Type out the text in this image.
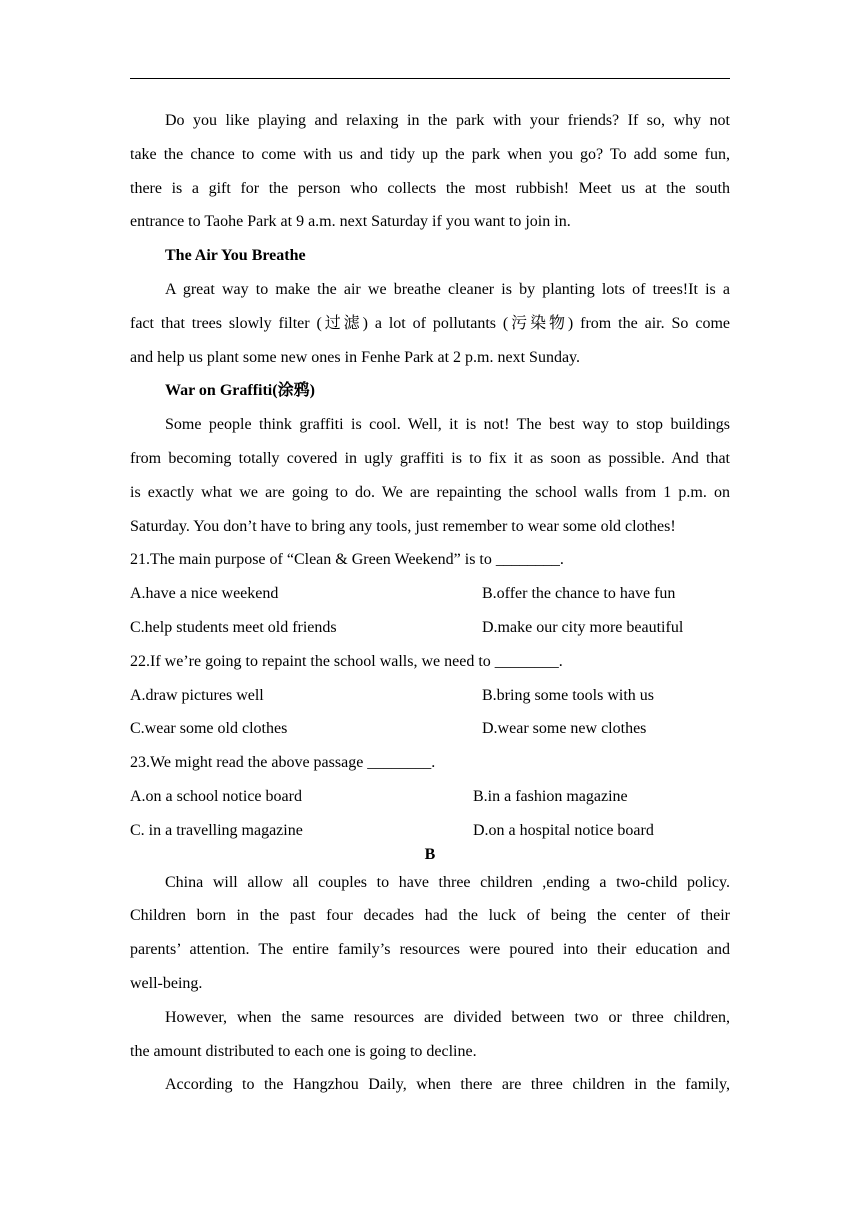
Do you like playing and relaxing in the park with your friends? If so, why not
take the chance to come with us and tidy up the park when you go? To add some fun,
there is a gift for the person who collects the most rubbish! Meet us at the south
entrance to Taohe Park at 9 a.m. next Saturday if you want to join in.
The Air You Breathe
A great way to make the air we breathe cleaner is by planting lots of trees!It is a
fact that trees slowly filter (过滤) a lot of pollutants (污染物) from the air. So come
and help us plant some new ones in Fenhe Park at 2 p.m. next Sunday.
War on Graffiti(涂鸦)
Some people think graffiti is cool. Well, it is not! The best way to stop buildings
from becoming totally covered in ugly graffiti is to fix it as soon as possible. And that
is exactly what we are going to do. We are repainting the school walls from 1 p.m. on
Saturday. You don’t have to bring any tools, just remember to wear some old clothes!
21.The main purpose of “Clean & Green Weekend” is to ________.
A.have a nice weekend	B.offer the chance to have fun
C.help students meet old friends	D.make our city more beautiful
22.If we’re going to repaint the school walls, we need to ________.
A.draw pictures well	B.bring some tools with us
C.wear some old clothes	D.wear some new clothes
23.We might read the above passage ________.
A.on a school notice board	B.in a fashion magazine
C. in a travelling magazine	D.on a hospital notice board
B
China will allow all couples to have three children ,ending a two-child policy.
Children born in the past four decades had the luck of being the center of their
parents’ attention. The entire family’s resources were poured into their education and
well-being.
However, when the same resources are divided between two or three children,
the amount distributed to each one is going to decline.
According to the Hangzhou Daily, when there are three children in the family,
